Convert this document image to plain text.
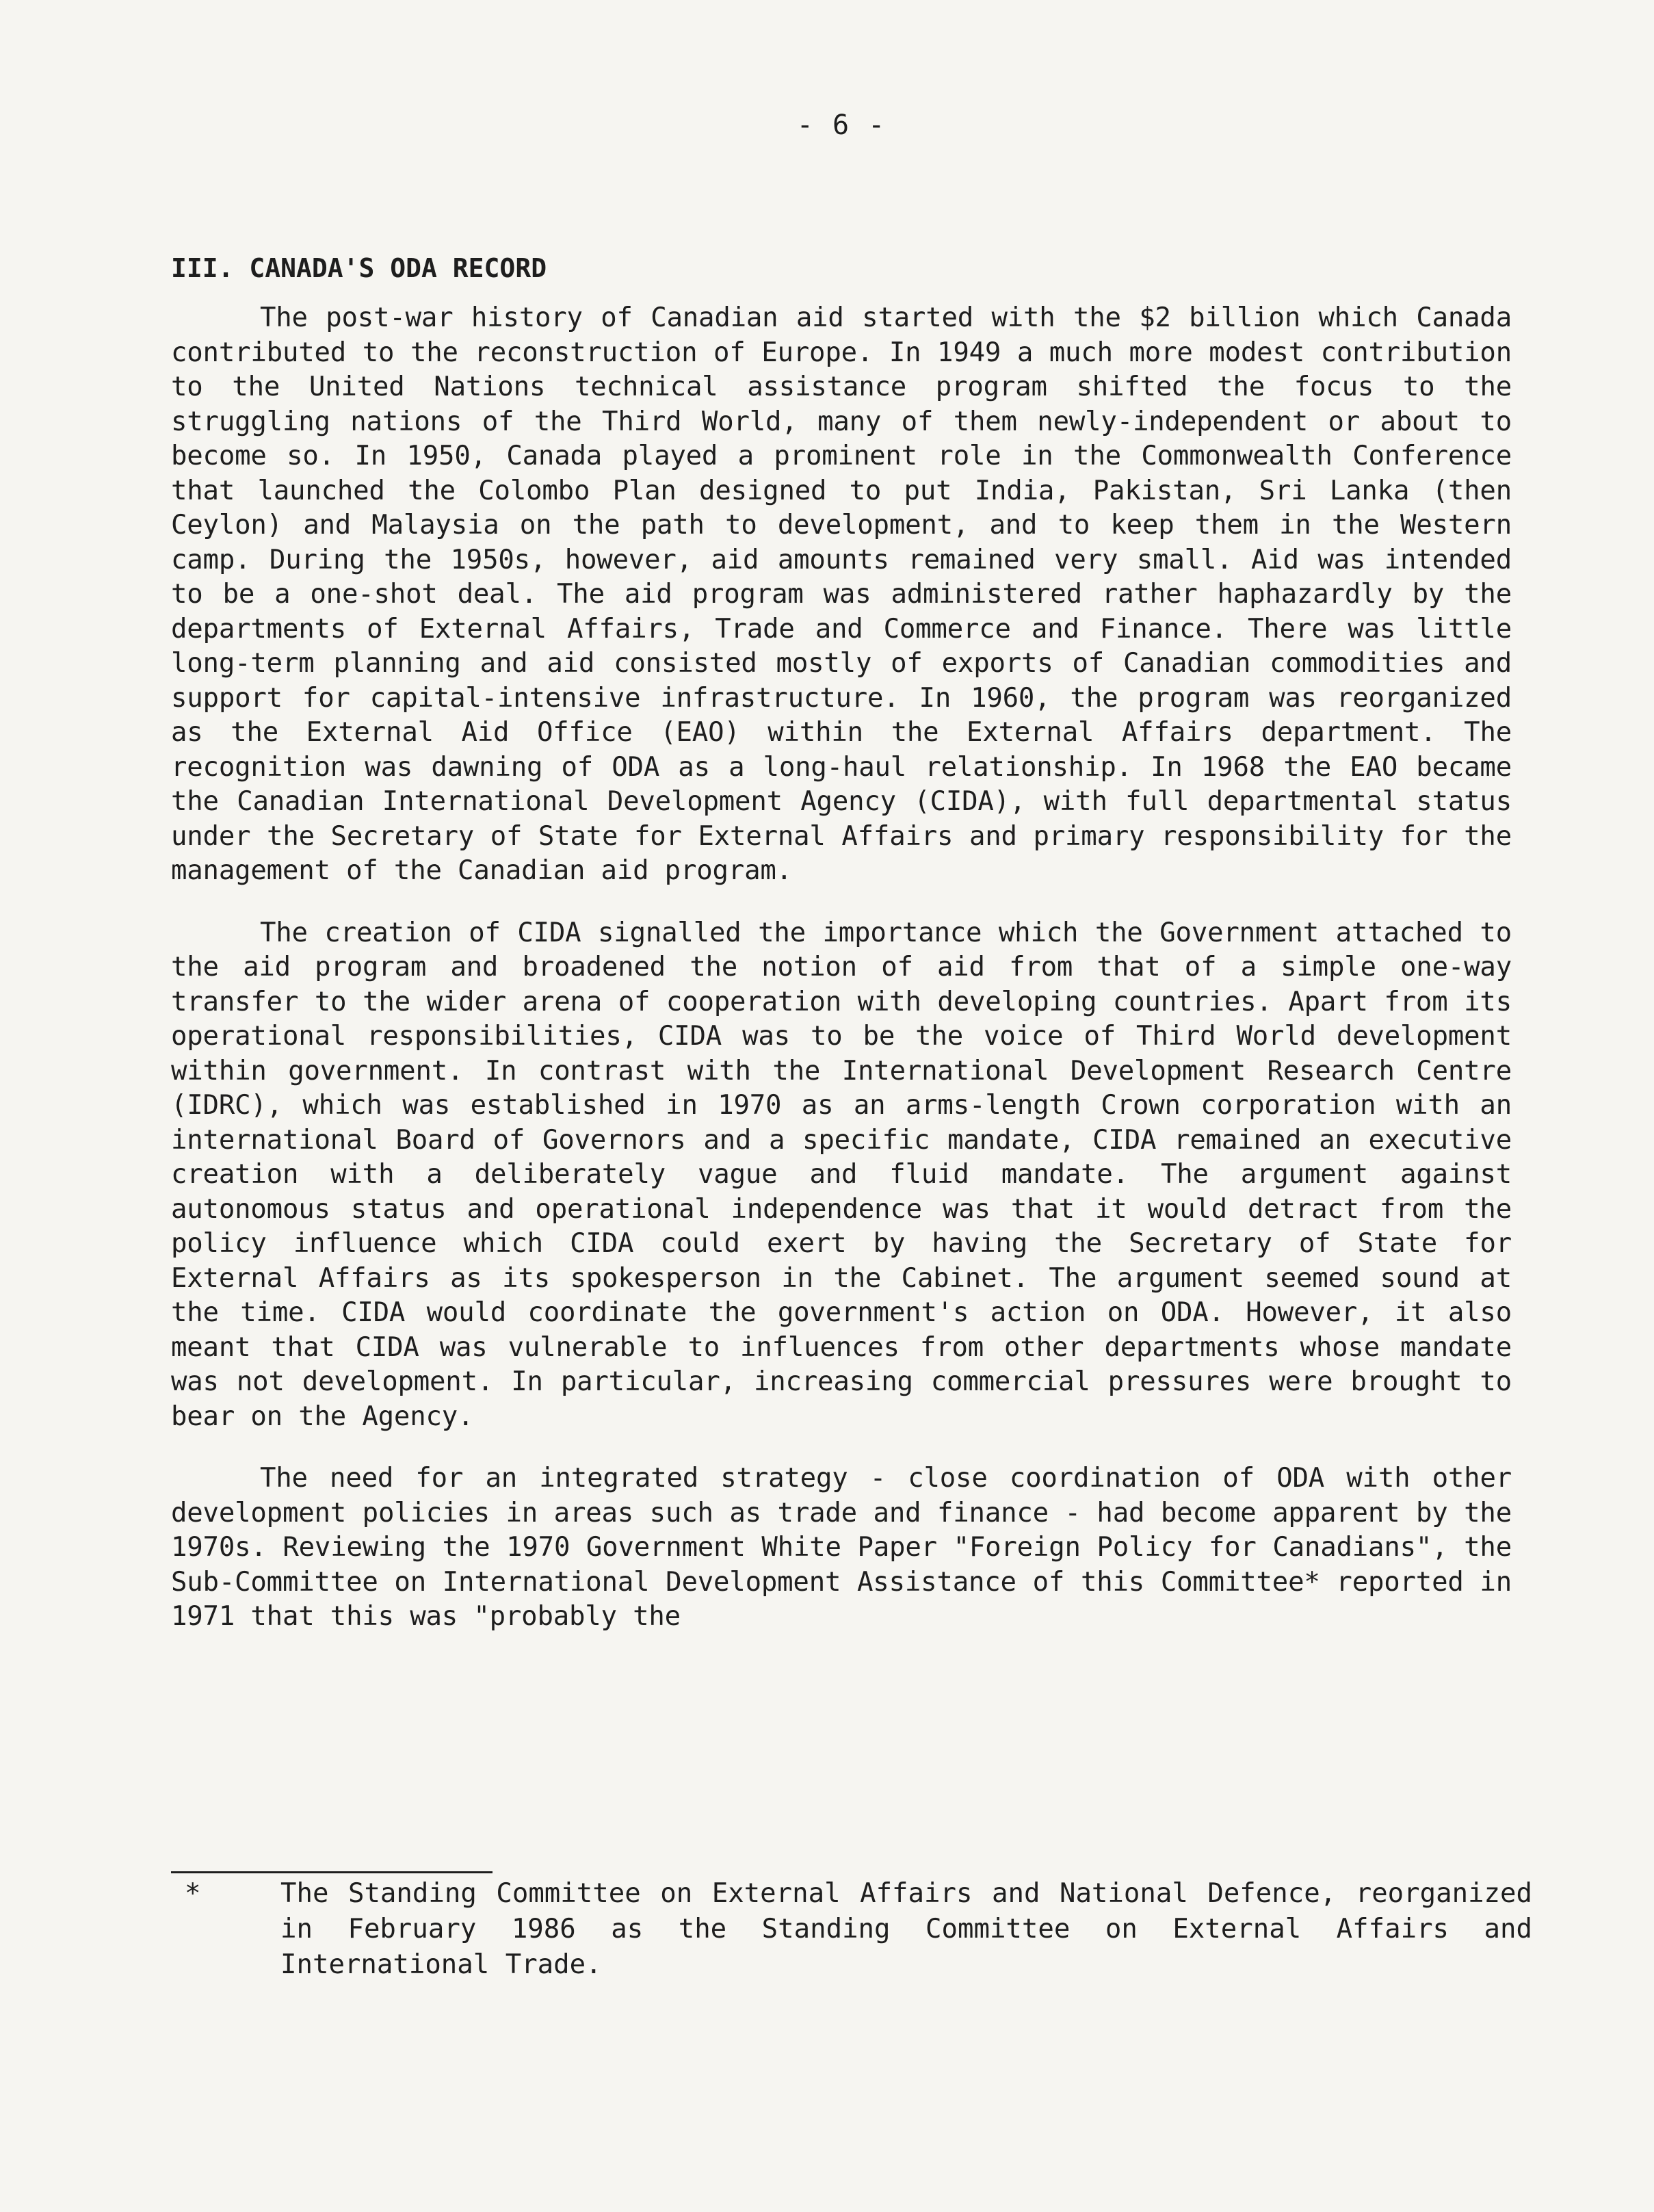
- 6 -
III. CANADA'S ODA RECORD

The post-war history of Canadian aid started with the $2 billion which Canada contributed to the reconstruction of Europe. In 1949 a much more modest contribution to the United Nations technical assistance program shifted the focus to the struggling nations of the Third World, many of them newly-independent or about to become so. In 1950, Canada played a prominent role in the Commonwealth Conference that launched the Colombo Plan designed to put India, Pakistan, Sri Lanka (then Ceylon) and Malaysia on the path to development, and to keep them in the Western camp. During the 1950s, however, aid amounts remained very small. Aid was intended to be a one-shot deal. The aid program was administered rather haphazardly by the departments of External Affairs, Trade and Commerce and Finance. There was little long-term planning and aid consisted mostly of exports of Canadian commodities and support for capital-intensive infrastructure. In 1960, the program was reorganized as the External Aid Office (EAO) within the External Affairs department. The recognition was dawning of ODA as a long-haul relationship. In 1968 the EAO became the Canadian International Development Agency (CIDA), with full departmental status under the Secretary of State for External Affairs and primary responsibility for the management of the Canadian aid program.

The creation of CIDA signalled the importance which the Government attached to the aid program and broadened the notion of aid from that of a simple one-way transfer to the wider arena of cooperation with developing countries. Apart from its operational responsibilities, CIDA was to be the voice of Third World development within government. In contrast with the International Development Research Centre (IDRC), which was established in 1970 as an arms-length Crown corporation with an international Board of Governors and a specific mandate, CIDA remained an executive creation with a deliberately vague and fluid mandate. The argument against autonomous status and operational independence was that it would detract from the policy influence which CIDA could exert by having the Secretary of State for External Affairs as its spokesperson in the Cabinet. The argument seemed sound at the time. CIDA would coordinate the government's action on ODA. However, it also meant that CIDA was vulnerable to influences from other departments whose mandate was not development. In particular, increasing commercial pressures were brought to bear on the Agency.

The need for an integrated strategy - close coordination of ODA with other development policies in areas such as trade and finance - had become apparent by the 1970s. Reviewing the 1970 Government White Paper "Foreign Policy for Canadians", the Sub-Committee on International Development Assistance of this Committee* reported in 1971 that this was "probably the

*	The Standing Committee on External Affairs and National Defence, reorganized in February 1986 as the Standing Committee on External Affairs and International Trade.
